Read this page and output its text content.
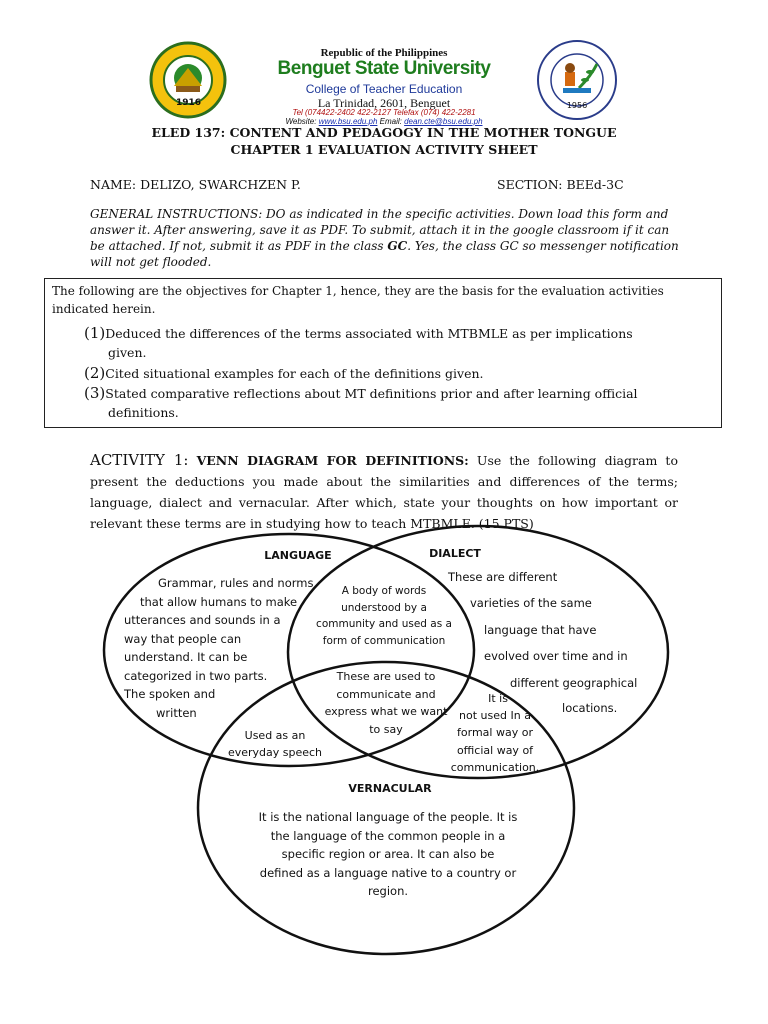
1916	1956
Republic of the Philippines
Benguet State University
College of Teacher Education
La Trinidad, 2601, Benguet
Tel (074422-2402 422-2127 Telefax (074) 422-2281
Website: www.bsu.edu.ph Email: dean.cte@bsu.edu.ph
ELED 137: CONTENT AND PEDAGOGY IN THE MOTHER TONGUE
CHAPTER 1 EVALUATION ACTIVITY SHEET
NAME: DELIZO, SWARCHZEN P.	SECTION: BEEd-3C
GENERAL INSTRUCTIONS: DO as indicated in the specific activities. Down load this form and answer it. After answering, save it as PDF. To submit, attach it in the google classroom if it can be attached. If not, submit it as PDF in the class GC. Yes, the class GC so messenger notification will not get flooded.
The following are the objectives for Chapter 1, hence, they are the basis for the evaluation activities indicated herein.
(1)Deduced the differences of the terms associated with MTBMLE as per implications
given.
(2)Cited situational examples for each of the definitions given.
(3)Stated comparative reflections about MT definitions prior and after learning official
definitions.
ACTIVITY 1: VENN DIAGRAM FOR DEFINITIONS: Use the following diagram to present the deductions you made about the similarities and differences of the terms; language, dialect and vernacular. After which, state your thoughts on how important or relevant these terms are in studying how to teach MTBMLE. (15 PTS)
LANGUAGE	DIALECT
VERNACULAR
Grammar, rules and norms
that allow humans to make
utterances and sounds in a
way that people can
understand. It can be
categorized in two parts.
The spoken and
written
These are different
varieties of the same
language that have
evolved over time and in
different geographical
locations.
A body of words
understood by a
community and used as a
form of communication
These are used to
communicate and
express what we want
to say
Used as an
everyday speech
It is
not used In a
formal way or
official way of
communication.
It is the national language of the people. It is
the language of the common people in a
specific region or area. It can also be
defined as a language native to a country or
region.
